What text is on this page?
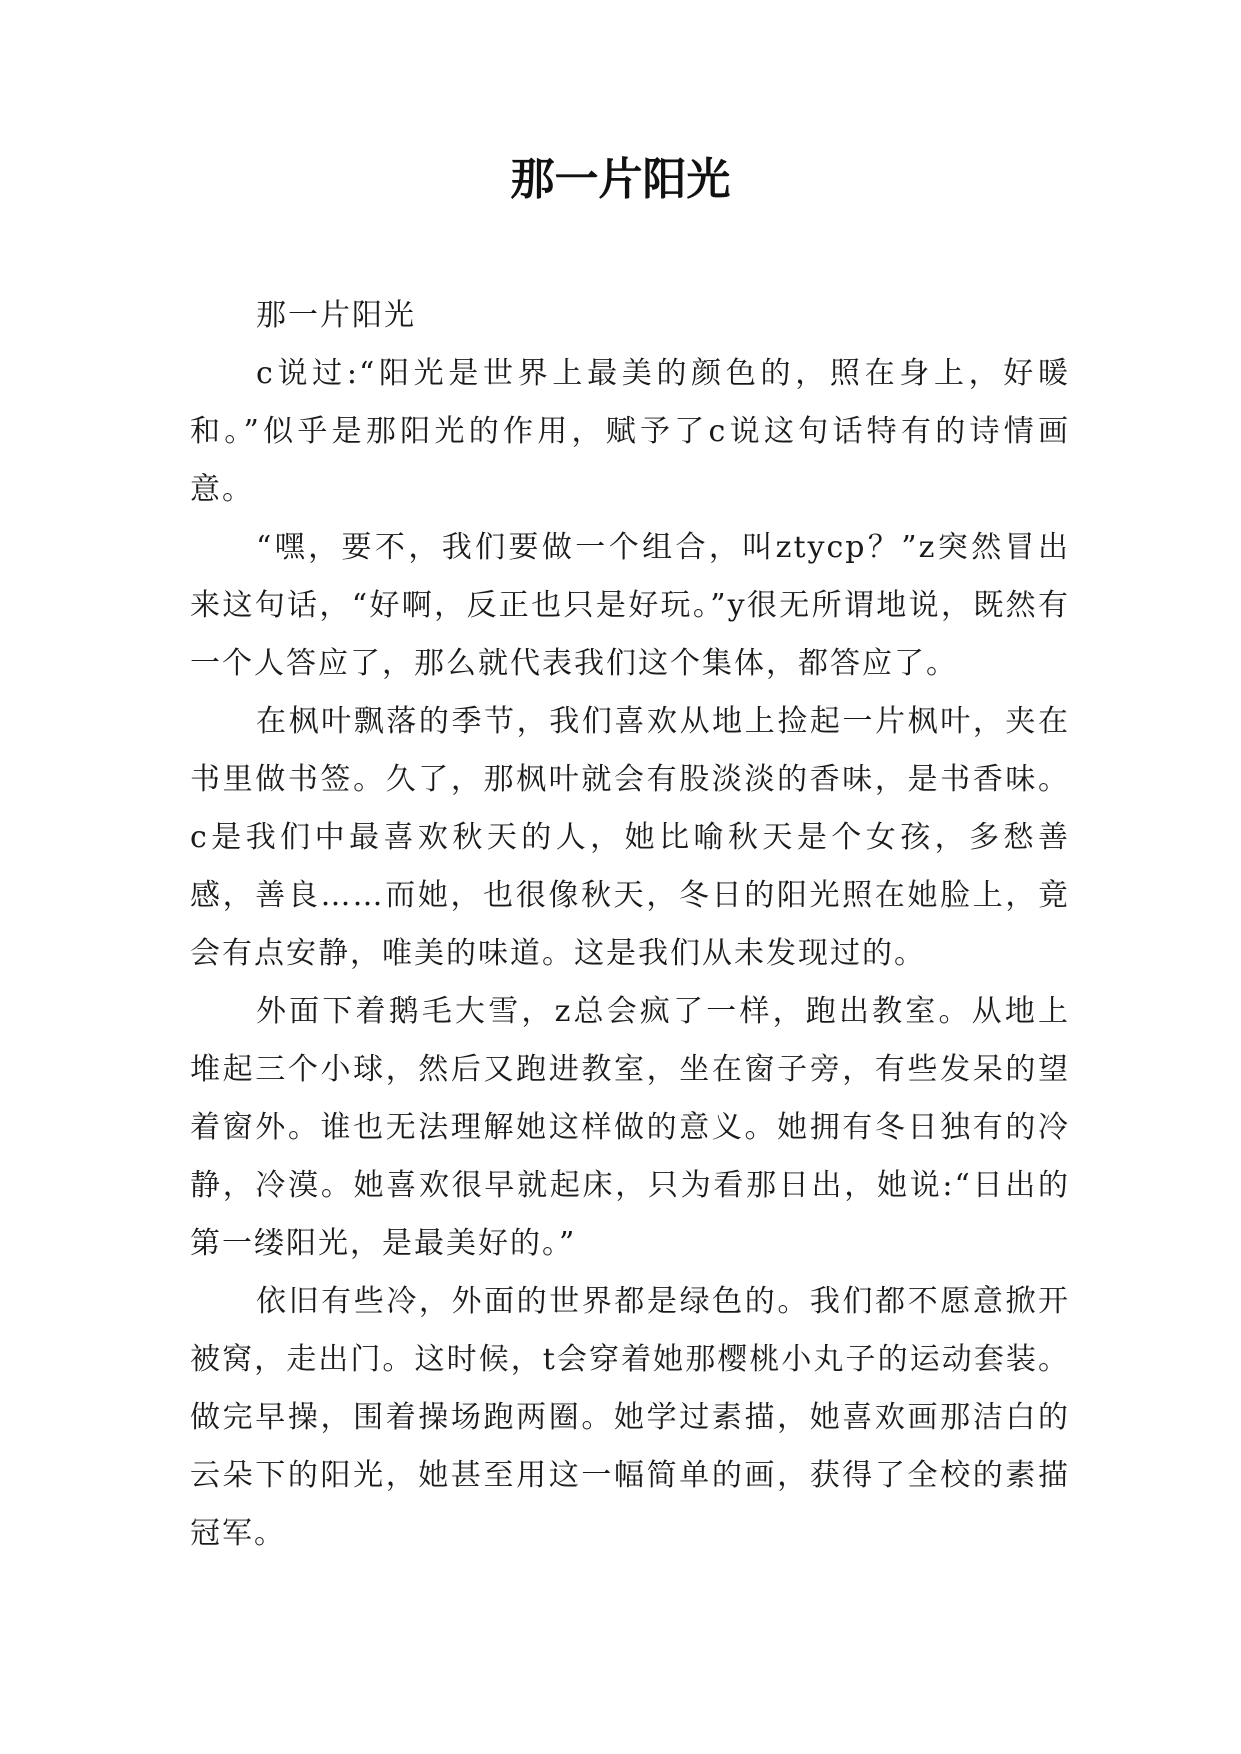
那一片阳光

那一片阳光

c说过:“阳光是世界上最美的颜色的，照在身上，好暖和。”似乎是那阳光的作用，赋予了c说这句话特有的诗情画意。

“嘿，要不，我们要做一个组合，叫ztycp？”z突然冒出来这句话，“好啊，反正也只是好玩。”y很无所谓地说，既然有一个人答应了，那么就代表我们这个集体，都答应了。

在枫叶飘落的季节，我们喜欢从地上捡起一片枫叶，夹在书里做书签。久了，那枫叶就会有股淡淡的香味，是书香味。c是我们中最喜欢秋天的人，她比喻秋天是个女孩，多愁善感，善良……而她，也很像秋天，冬日的阳光照在她脸上，竟会有点安静，唯美的味道。这是我们从未发现过的。

外面下着鹅毛大雪，z总会疯了一样，跑出教室。从地上堆起三个小球，然后又跑进教室，坐在窗子旁，有些发呆的望着窗外。谁也无法理解她这样做的意义。她拥有冬日独有的冷静，冷漠。她喜欢很早就起床，只为看那日出，她说:“日出的第一缕阳光，是最美好的。”

依旧有些冷，外面的世界都是绿色的。我们都不愿意掀开被窝，走出门。这时候，t会穿着她那樱桃小丸子的运动套装。做完早操，围着操场跑两圈。她学过素描，她喜欢画那洁白的云朵下的阳光，她甚至用这一幅简单的画，获得了全校的素描冠军。
